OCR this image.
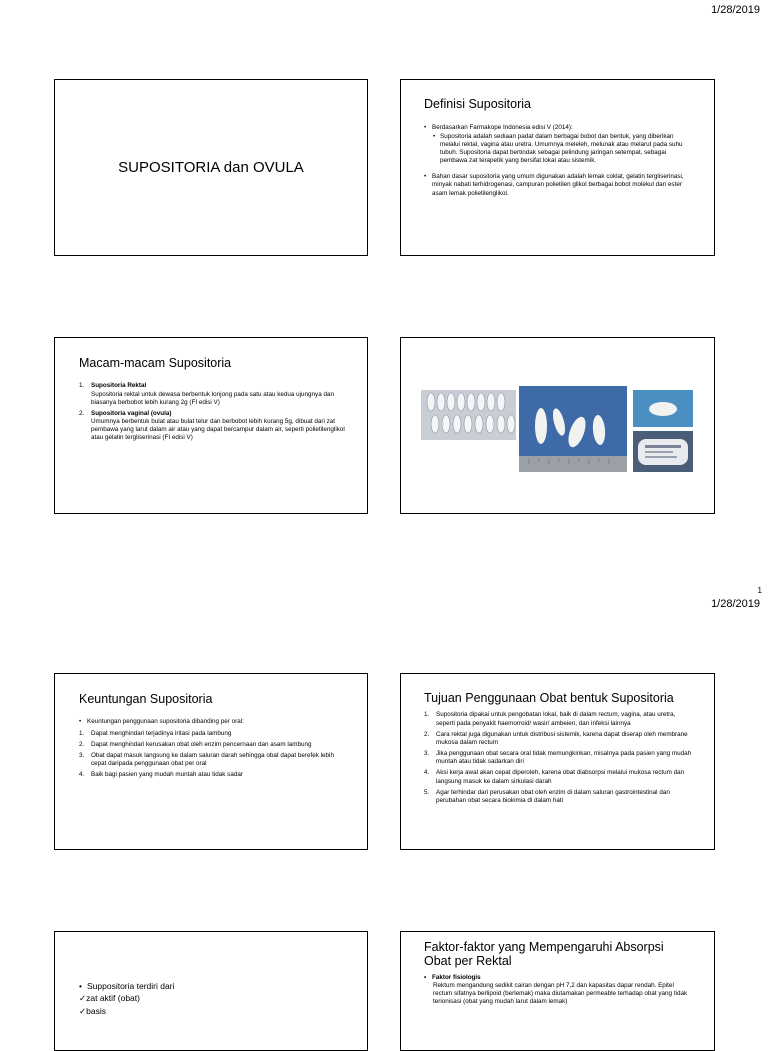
1/28/2019
SUPOSITORIA dan OVULA
Definisi Supositoria
• Berdasarkan Farmakope Indonesia edisi V (2014):
• Supositoria adalah sediaan padat dalam berbagai bobot dan bentuk, yang diberikan melalui rektal, vagina atau uretra. Umumnya meleleh, melunak atau melarut pada suhu tubuh. Supositoria dapat bertindak sebagai pelindung jaringan setempat, sebagai pembawa zat terapetik yang bersifat lokal atau sistemik.
• Bahan dasar supositoria yang umum digunakan adalah lemak coklat, gelatin tergliserinasi, minyak nabati terhidrogenasi, campuran polietilen glikol berbagai bobot molekul dan ester asam lemak polietilenglikol.
Macam-macam Supositoria
1. Supositoria Rektal
Supositoria rektal untuk dewasa berbentuk lonjong pada satu atau kedua ujungnya dan biasanya berbobot lebih kurang 2g (FI edisi V)
2. Supositoria vaginal (ovula)
Umumnya berbentuk bulat atau bulat telur dan berbobot lebih kurang 5g, dibuat dari zat pembawa yang larut dalam air atau yang dapat bercampur dalam air, seperti polietilenglikol atau gelatin tergliserinasi (FI edisi V)
1
1/28/2019
Keuntungan Supositoria
• Keuntungan penggunaan supositoria dibanding per oral:
1. Dapat menghindari terjadinya iritasi pada lambung
2. Dapat menghindari kerusakan obat oleh enzim pencernaan dan asam lambung
3. Obat dapat masuk langsung ke dalam saluran darah sehingga obat dapat berefek lebih cepat daripada penggunaan obat per oral
4. Baik bagi pasien yang mudah muntah atau tidak sadar
Tujuan Penggunaan Obat bentuk Supositoria
1. Supositoria dipakai untuk pengobatan lokal, baik di dalam rectum, vagina, atau uretra, seperti pada penyakit haemorroid/ wasir/ ambeien, dan infeksi lainnya
2. Cara rektal juga digunakan untuk distribusi sistemik, karena dapat diserap oleh membrane mukosa dalam rectum
3. Jika penggunaan obat secara oral tidak memungkinkan, misalnya pada pasien yang mudah muntah atau tidak sadarkan diri
4. Aksi kerja awal akan cepat diperoleh, karena obat diabsorpsi melalui mukosa rectum dan langsung masuk ke dalam sirkulasi darah
5. Agar terhindar dari perusakan obat oleh enzim di dalam saluran gastrointestinal dan perubahan obat secara biokimia di dalam hati
• Suppositoria terdiri dari
✓zat aktif (obat)
✓basis
Faktor-faktor yang Mempengaruhi Absorpsi Obat per Rektal
• Faktor fisiologis
Rektum mengandung sedikit cairan dengan pH 7,2 dan kapasitas dapar rendah. Epitel rectum sifatnya berlipoid (berlemak) maka diutamakan permeable terhadap obat yang tidak terionisasi (obat yang mudah larut dalam lemak)
